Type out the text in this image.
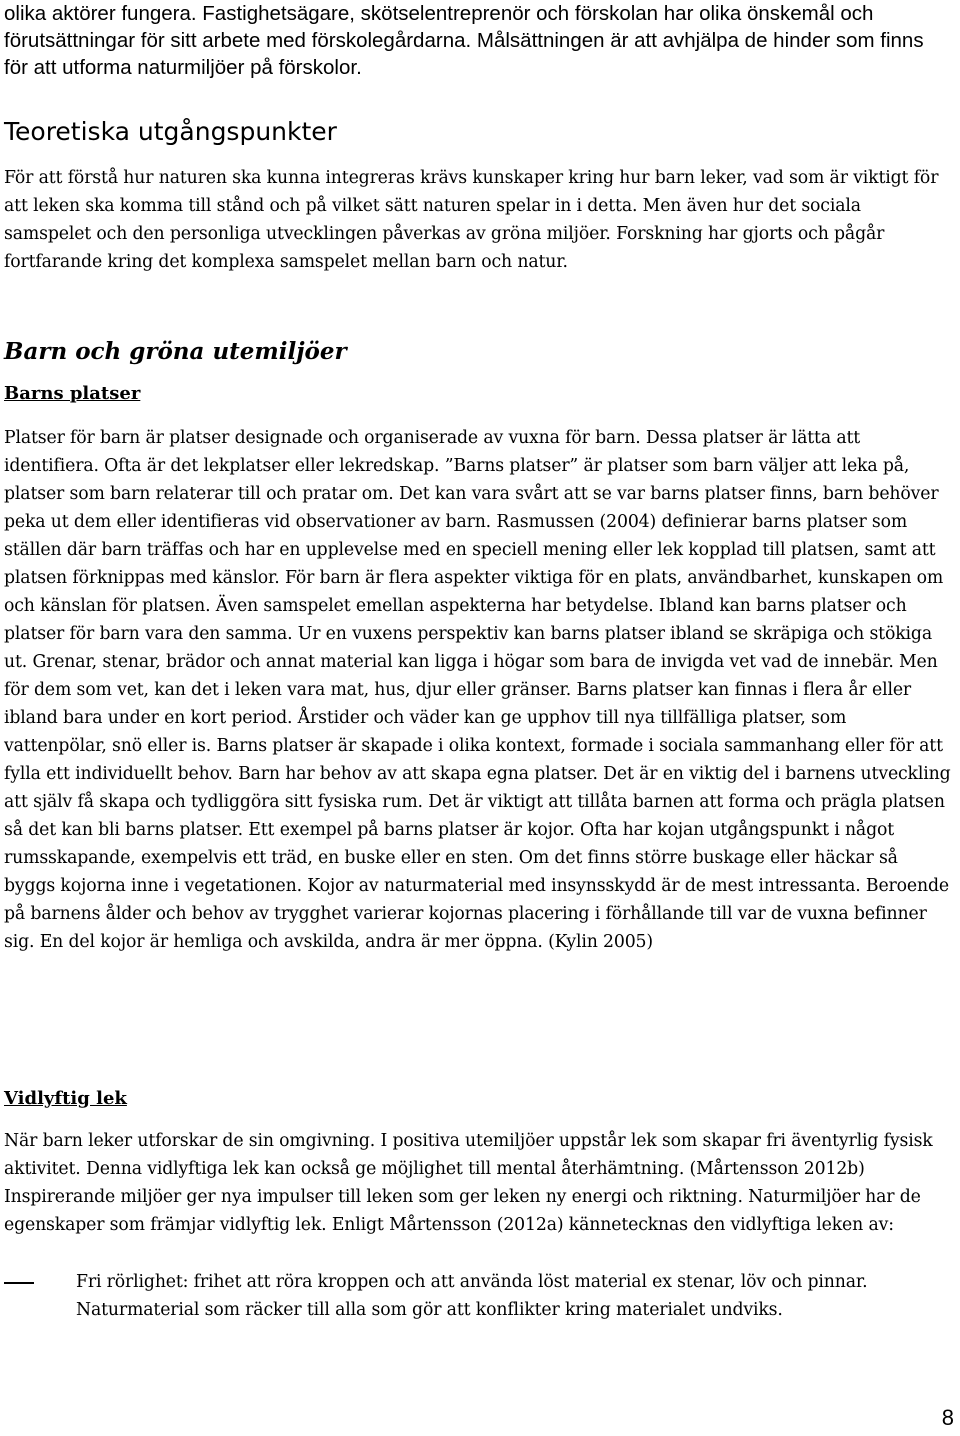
olika aktörer fungera. Fastighetsägare, skötselentreprenör och förskolan har olika önskemål och förutsättningar för sitt arbete med förskolegårdarna. Målsättningen är att avhjälpa de hinder som finns för att utforma naturmiljöer på förskolor.

Teoretiska utgångspunkter

För att förstå hur naturen ska kunna integreras krävs kunskaper kring hur barn leker, vad som är viktigt för att leken ska komma till stånd och på vilket sätt naturen spelar in i detta. Men även hur det sociala samspelet och den personliga utvecklingen påverkas av gröna miljöer. Forskning har gjorts och pågår fortfarande kring det komplexa samspelet mellan barn och natur.

Barn och gröna utemiljöer
Barns platser

Platser för barn är platser designade och organiserade av vuxna för barn. Dessa platser är lätta att identifiera. Ofta är det lekplatser eller lekredskap. ”Barns platser” är platser som barn väljer att leka på, platser som barn relaterar till och pratar om. Det kan vara svårt att se var barns platser finns, barn behöver peka ut dem eller identifieras vid observationer av barn. Rasmussen (2004) definierar barns platser som ställen där barn träffas och har en upplevelse med en speciell mening eller lek kopplad till platsen, samt att platsen förknippas med känslor. För barn är flera aspekter viktiga för en plats, användbarhet, kunskapen om och känslan för platsen. Även samspelet emellan aspekterna har betydelse. Ibland kan barns platser och platser för barn vara den samma. Ur en vuxens perspektiv kan barns platser ibland se skräpiga och stökiga ut. Grenar, stenar, brädor och annat material kan ligga i högar som bara de invigda vet vad de innebär. Men för dem som vet, kan det i leken vara mat, hus, djur eller gränser. Barns platser kan finnas i flera år eller ibland bara under en kort period. Årstider och väder kan ge upphov till nya tillfälliga platser, som vattenpölar, snö eller is. Barns platser är skapade i olika kontext, formade i sociala sammanhang eller för att fylla ett individuellt behov. Barn har behov av att skapa egna platser. Det är en viktig del i barnens utveckling att själv få skapa och tydliggöra sitt fysiska rum. Det är viktigt att tillåta barnen att forma och prägla platsen så det kan bli barns platser. Ett exempel på barns platser är kojor. Ofta har kojan utgångspunkt i något rumsskapande, exempelvis ett träd, en buske eller en sten. Om det finns större buskage eller häckar så byggs kojorna inne i vegetationen. Kojor av naturmaterial med insynsskydd är de mest intressanta. Beroende på barnens ålder och behov av trygghet varierar kojornas placering i förhållande till var de vuxna befinner sig. En del kojor är hemliga och avskilda, andra är mer öppna. (Kylin 2005)

Vidlyftig lek

När barn leker utforskar de sin omgivning. I positiva utemiljöer uppstår lek som skapar fri äventyrlig fysisk aktivitet. Denna vidlyftiga lek kan också ge möjlighet till mental återhämtning. (Mårtensson 2012b) Inspirerande miljöer ger nya impulser till leken som ger leken ny energi och riktning. Naturmiljöer har de egenskaper som främjar vidlyftig lek. Enligt Mårtensson (2012a) kännetecknas den vidlyftiga leken av:

Fri rörlighet: frihet att röra kroppen och att använda löst material ex stenar, löv och pinnar. Naturmaterial som räcker till alla som gör att konflikter kring materialet undviks.

8
